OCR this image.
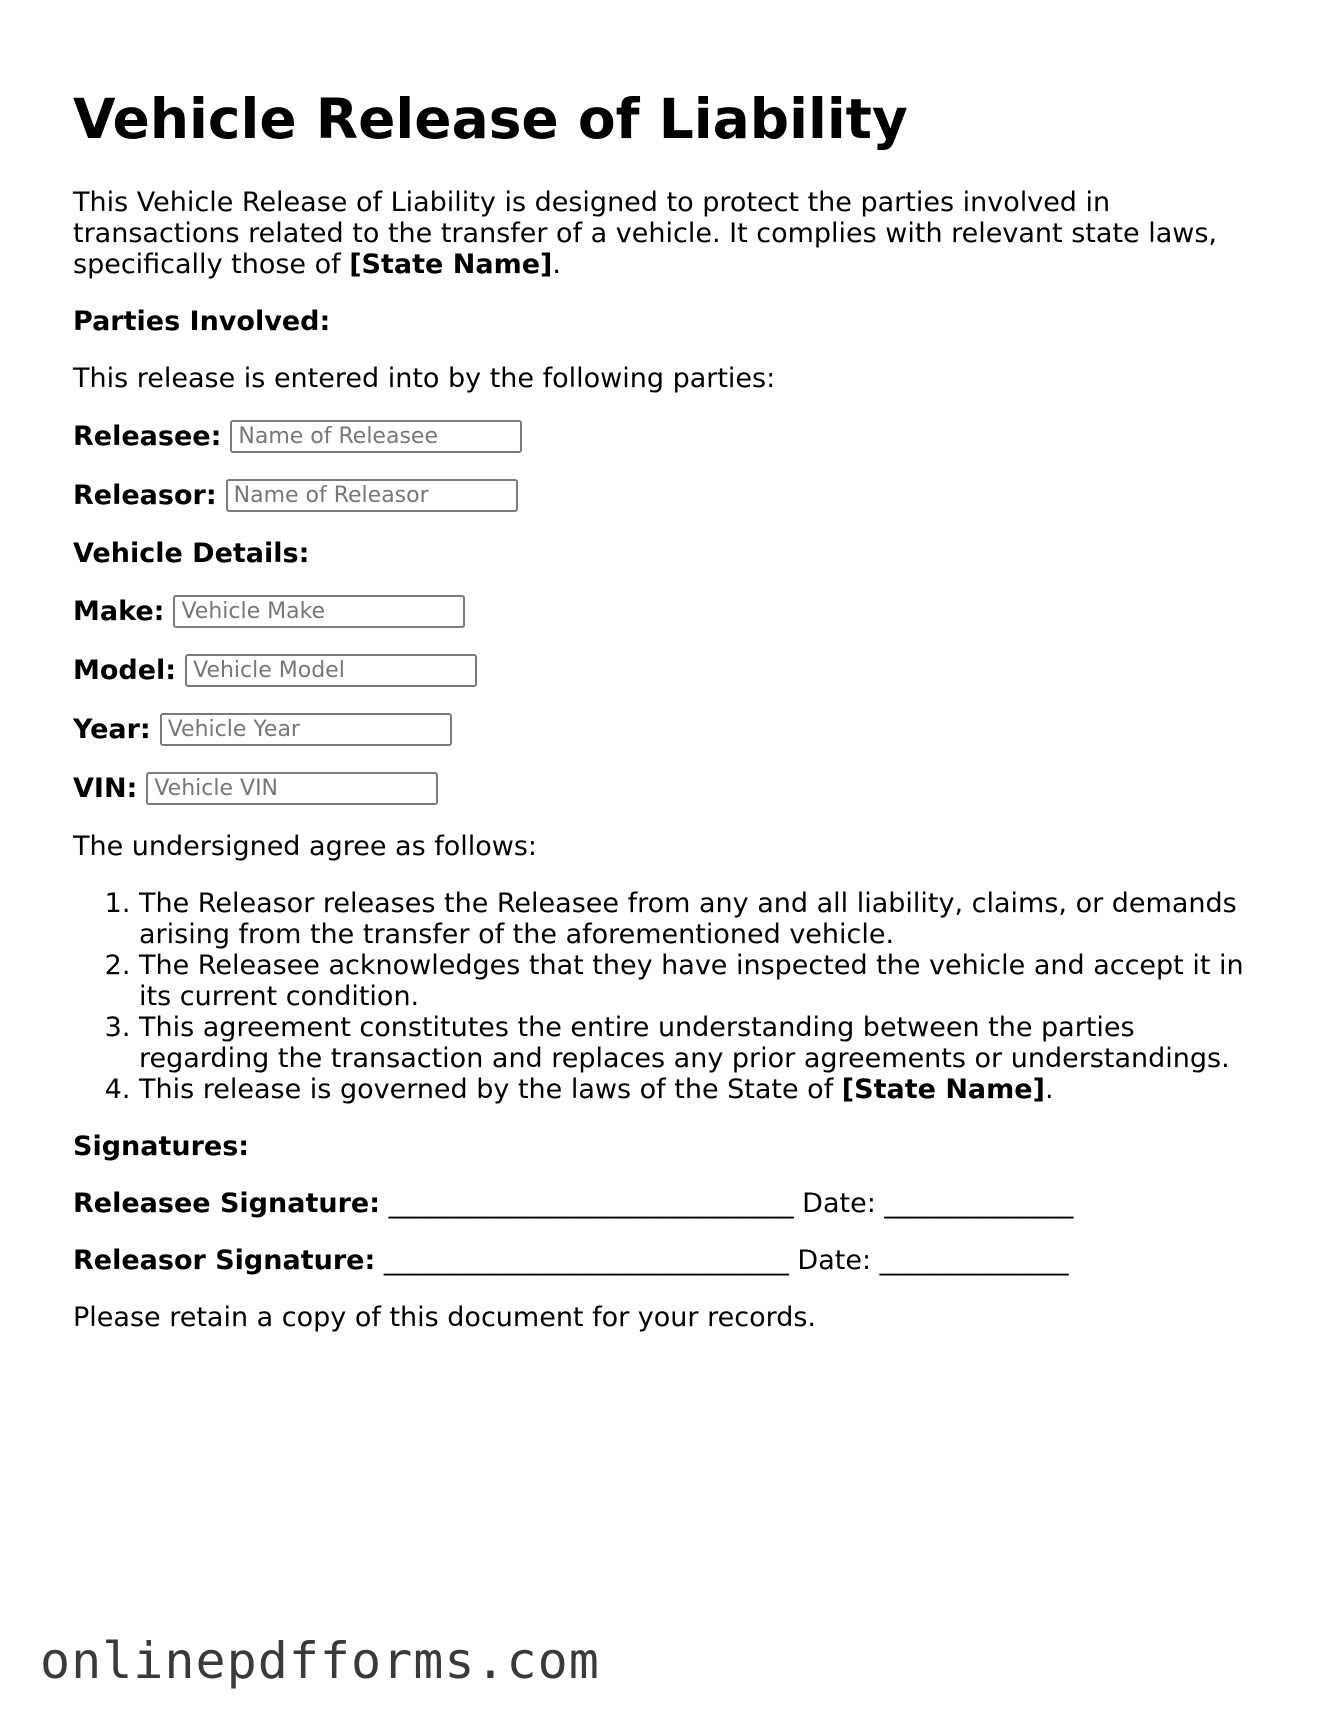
Vehicle Release of Liability

This Vehicle Release of Liability is designed to protect the parties involved in transactions related to the transfer of a vehicle. It complies with relevant state laws, specifically those of [State Name].

Parties Involved:

This release is entered into by the following parties:

Releasee:
Name of Releasee
Releasor:
Name of Releasor

Vehicle Details:

Make:
Vehicle Make
Model:
Vehicle Model
Year:
Vehicle Year
VIN:
Vehicle VIN

The undersigned agree as follows:

1. The Releasor releases the Releasee from any and all liability, claims, or demands arising from the transfer of the aforementioned vehicle.
2. The Releasee acknowledges that they have inspected the vehicle and accept it in its current condition.
3. This agreement constitutes the entire understanding between the parties regarding the transaction and replaces any prior agreements or understandings.
4. This release is governed by the laws of the State of [State Name].

Signatures:

Releasee Signature: ______________________________ Date: ______________
Releasor Signature: ______________________________ Date: ______________

Please retain a copy of this document for your records.

onlinepdfforms.com
